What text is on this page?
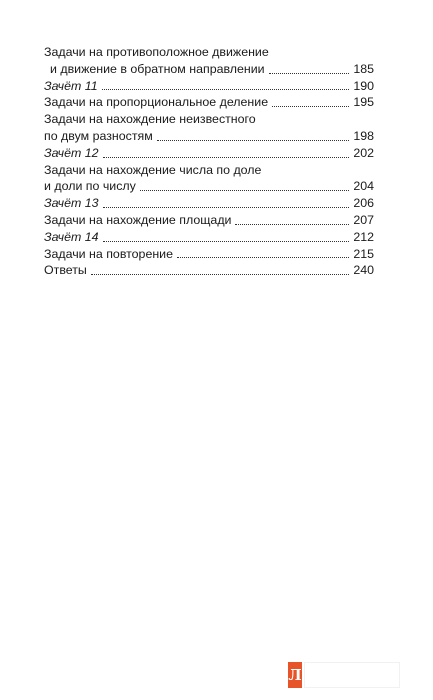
Задачи на противоположное движение
и движение в обратном направлении	185
Зачёт 11	190
Задачи на пропорциональное деление	195
Задачи на нахождение неизвестного
по двум разностям	198
Зачёт 12	202
Задачи на нахождение числа по доле
и доли по числу	204
Зачёт 13	206
Задачи на нахождение площади	207
Зачёт 14	212
Задачи на повторение	215
Ответы	240
Л
